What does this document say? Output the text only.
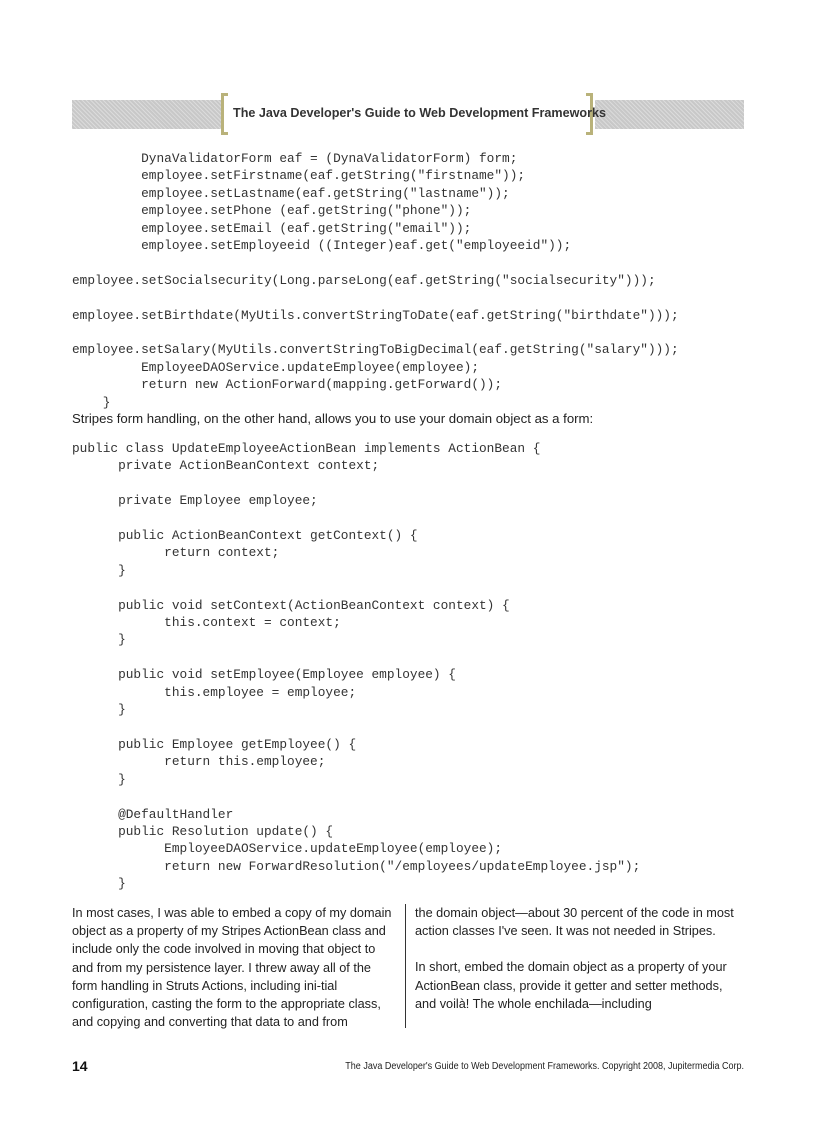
The Java Developer's Guide to Web Development Frameworks
DynaValidatorForm eaf = (DynaValidatorForm) form;
employee.setFirstname(eaf.getString("firstname"));
employee.setLastname(eaf.getString("lastname"));
employee.setPhone (eaf.getString("phone"));
employee.setEmail (eaf.getString("email"));
employee.setEmployeeid ((Integer)eaf.get("employeeid"));

employee.setSocialsecurity(Long.parseLong(eaf.getString("socialsecurity")));

employee.setBirthdate(MyUtils.convertStringToDate(eaf.getString("birthdate")));

employee.setSalary(MyUtils.convertStringToBigDecimal(eaf.getString("salary")));
EmployeeDAOService.updateEmployee(employee);
return new ActionForward(mapping.getForward());
}
Stripes form handling, on the other hand, allows you to use your domain object as a form:
public class UpdateEmployeeActionBean implements ActionBean {
private ActionBeanContext context;

private Employee employee;

public ActionBeanContext getContext() {
return context;
}

public void setContext(ActionBeanContext context) {
this.context = context;
}

public void setEmployee(Employee employee) {
this.employee = employee;
}

public Employee getEmployee() {
return this.employee;
}

@DefaultHandler
public Resolution update() {
EmployeeDAOService.updateEmployee(employee);
return new ForwardResolution("/employees/updateEmployee.jsp");
}

In most cases, I was able to embed a copy of my domain object as a property of my Stripes ActionBean class and include only the code involved in moving that object to and from my persistence layer. I threw away all of the form handling in Struts Actions, including ini-tial configuration, casting the form to the appropriate class, and copying and converting that data to and from

the domain object—about 30 percent of the code in most action classes I've seen. It was not needed in Stripes.

In short, embed the domain object as a property of your ActionBean class, provide it getter and setter methods, and voilà! The whole enchilada—including

14	The Java Developer's Guide to Web Development Frameworks. Copyright 2008, Jupitermedia Corp.
